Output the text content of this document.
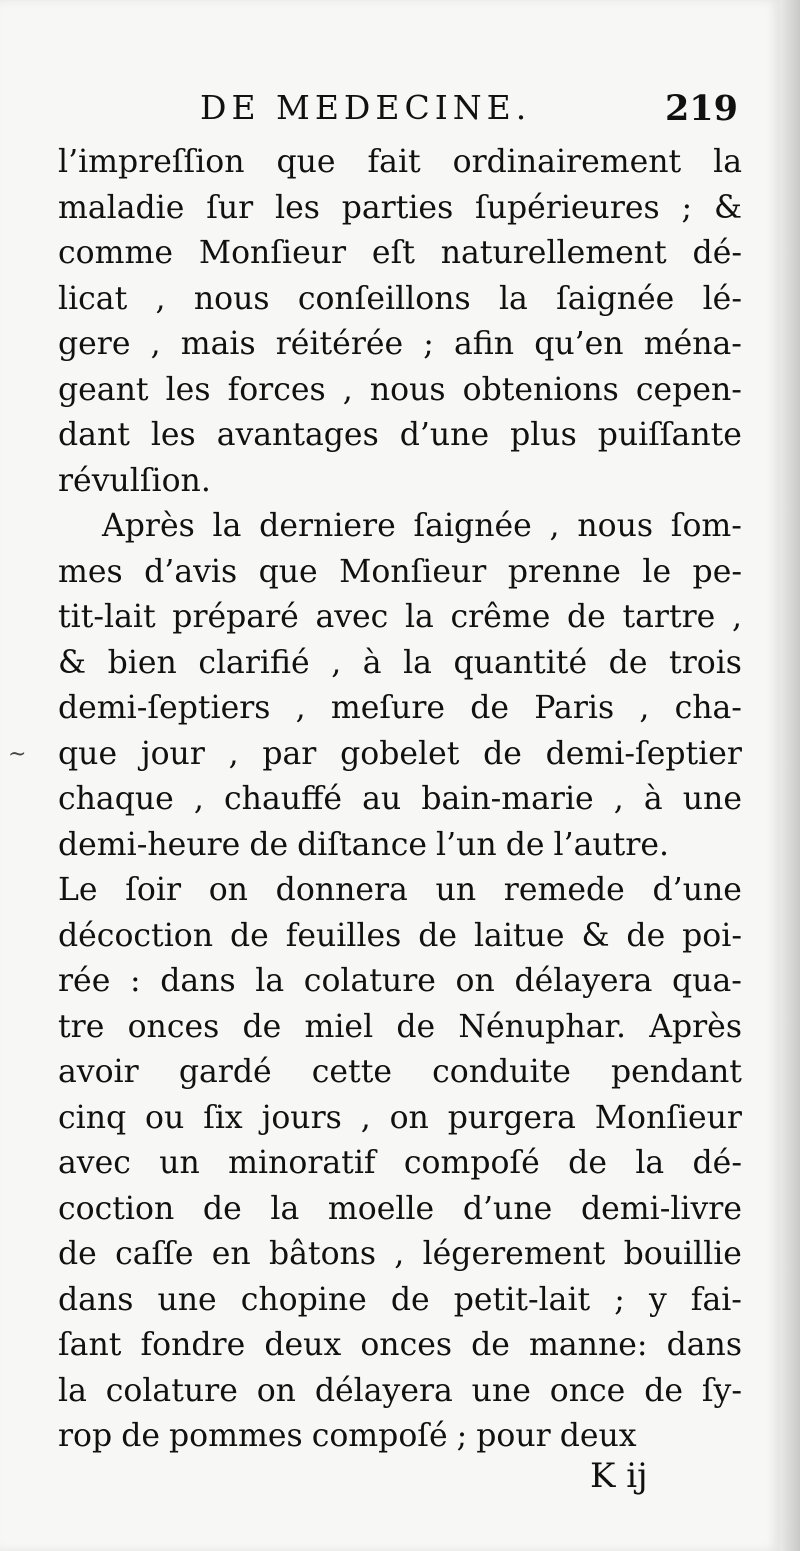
DE MEDECINE.	219
~
l’impreſſion que fait ordinairement la
maladie ſur les parties ſupérieures ; &
comme Monſieur eſt naturellement dé-
licat , nous conſeillons la ſaignée lé-
gere , mais réitérée ; afin qu’en ména-
geant les forces , nous obtenions cepen-
dant les avantages d’une plus puiſſante
révulſion.
Après la derniere ſaignée , nous ſom-
mes d’avis que Monſieur prenne le pe-
tit-lait préparé avec la crême de tartre ,
& bien clarifié , à la quantité de trois
demi-ſeptiers , meſure de Paris , cha-
que jour , par gobelet de demi-ſeptier
chaque , chauffé au bain-marie , à une
demi-heure de diſtance l’un de l’autre.
Le ſoir on donnera un remede d’une
décoction de feuilles de laitue & de poi-
rée : dans la colature on délayera qua-
tre onces de miel de Nénuphar. Après
avoir gardé cette conduite pendant
cinq ou ſix jours , on purgera Monſieur
avec un minoratif compoſé de la dé-
coction de la moelle d’une demi-livre
de caſſe en bâtons , légerement bouillie
dans une chopine de petit-lait ; y fai-
ſant fondre deux onces de manne: dans
la colature on délayera une once de ſy-
rop de pommes compoſé ; pour deux
K ij
